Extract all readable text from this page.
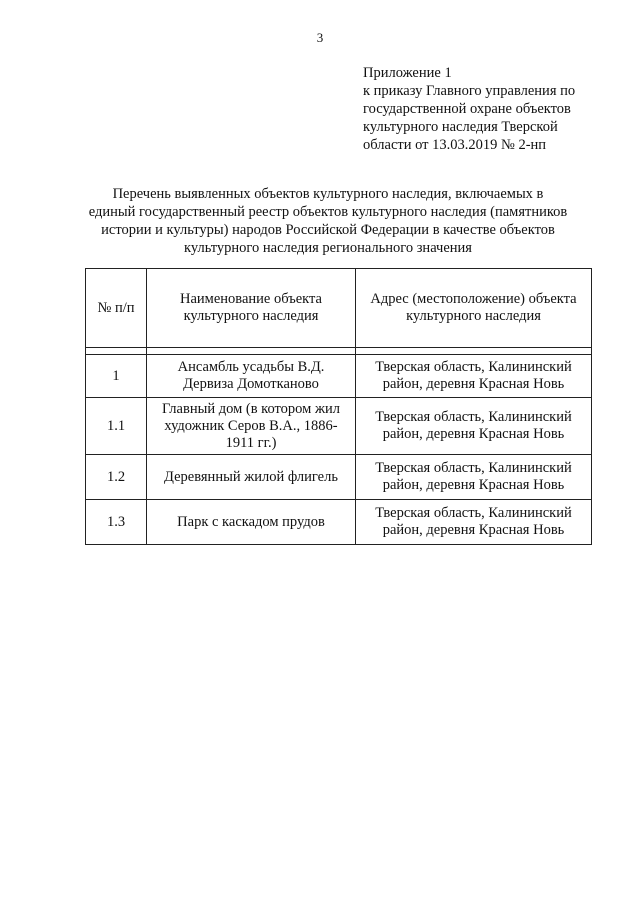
3
Приложение 1
к приказу Главного управления по
государственной охране объектов
культурного наследия Тверской
области от 13.03.2019 № 2-нп
Перечень выявленных объектов культурного наследия, включаемых в
единый государственный реестр объектов культурного наследия (памятников
истории и культуры) народов Российской Федерации в качестве объектов
культурного наследия регионального значения
№ п/п	Наименование объекта культурного наследия	Адрес (местоположение) объекта культурного наследия

1	Ансамбль усадьбы В.Д. Дервиза Домотканово	Тверская область, Калининский район, деревня Красная Новь
1.1	Главный дом (в котором жил художник Серов В.А., 1886-1911 гг.)	Тверская область, Калининский район, деревня Красная Новь
1.2	Деревянный жилой флигель	Тверская область, Калининский район, деревня Красная Новь
1.3	Парк с каскадом прудов	Тверская область, Калининский район, деревня Красная Новь
